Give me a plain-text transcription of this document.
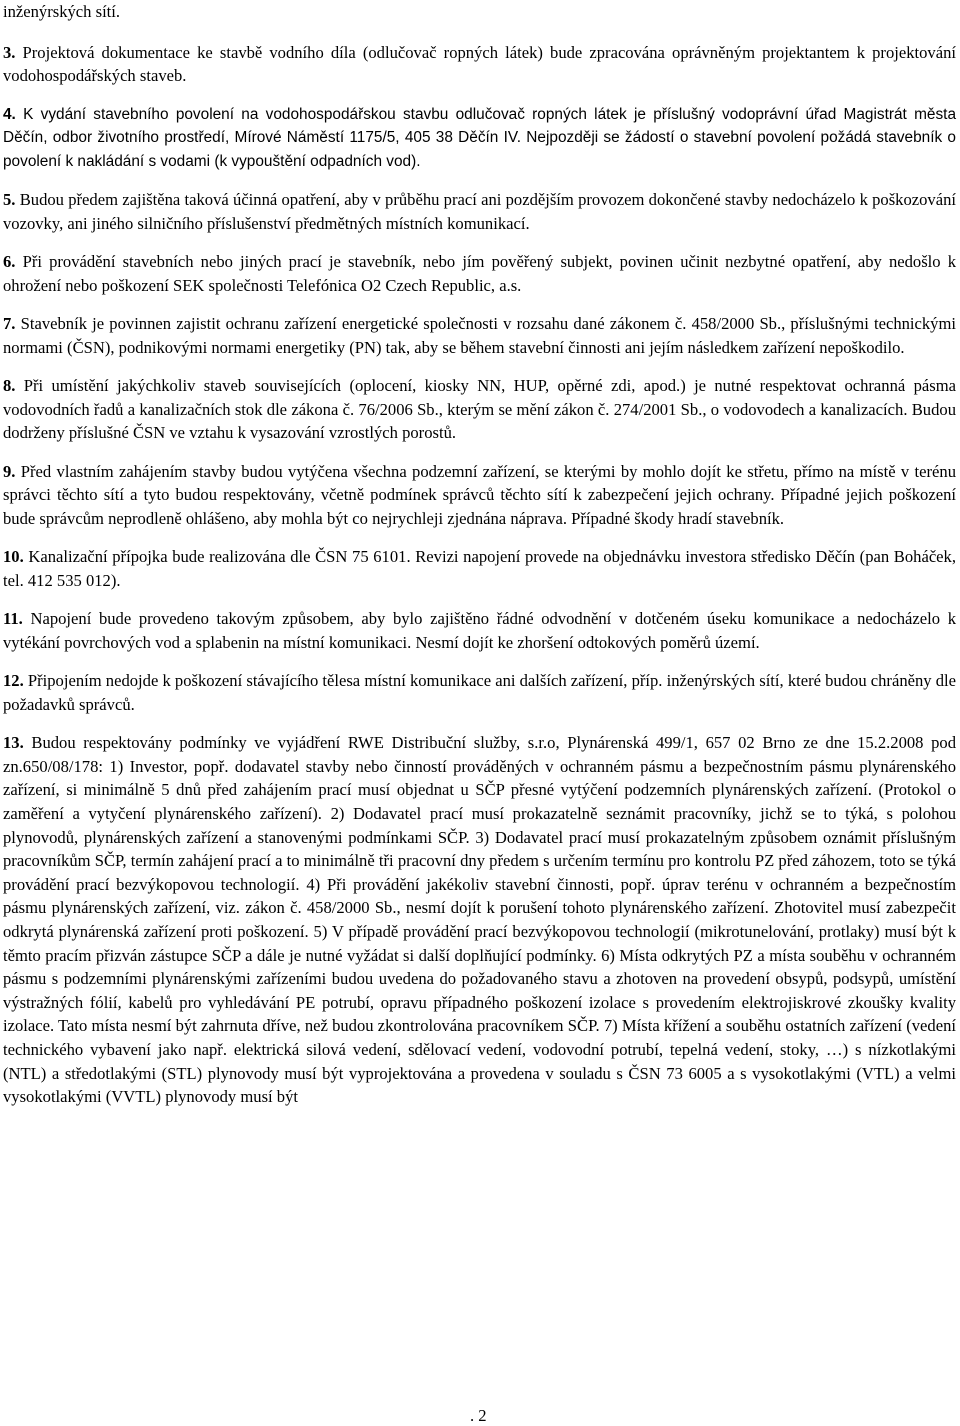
inženýrských sítí.

3. Projektová dokumentace ke stavbě vodního díla (odlučovač ropných látek) bude zpracována oprávněným projektantem k projektování vodohospodářských staveb.

4. K vydání stavebního povolení na vodohospodářskou stavbu odlučovač ropných látek je příslušný vodoprávní úřad Magistrát města Děčín, odbor životního prostředí, Mírové Náměstí 1175/5, 405 38 Děčín IV. Nejpozději se žádostí o stavební povolení požádá stavebník o povolení k nakládání s vodami (k vypouštění odpadních vod).

5. Budou předem zajištěna taková účinná opatření, aby v průběhu prací ani pozdějším provozem dokončené stavby nedocházelo k poškozování vozovky, ani jiného silničního příslušenství předmětných místních komunikací.

6. Při provádění stavebních nebo jiných prací je stavebník, nebo jím pověřený subjekt, povinen učinit nezbytné opatření, aby nedošlo k ohrožení nebo poškození SEK společnosti Telefónica O2 Czech Republic, a.s.

7. Stavebník je povinnen zajistit ochranu zařízení energetické společnosti v rozsahu dané zákonem č. 458/2000 Sb., příslušnými technickými normami (ČSN), podnikovými normami energetiky (PN) tak, aby se během stavební činnosti ani jejím následkem zařízení nepoškodilo.

8. Při umístění jakýchkoliv staveb souvisejících (oplocení, kiosky NN, HUP, opěrné zdi, apod.) je nutné respektovat ochranná pásma vodovodních řadů a kanalizačních stok dle zákona č. 76/2006 Sb., kterým se mění zákon č. 274/2001 Sb., o vodovodech a kanalizacích. Budou dodrženy příslušné ČSN ve vztahu k vysazování vzrostlých porostů.

9. Před vlastním zahájením stavby budou vytýčena všechna podzemní zařízení, se kterými by mohlo dojít ke střetu, přímo na místě v terénu správci těchto sítí a tyto budou respektovány, včetně podmínek správců těchto sítí k zabezpečení jejich ochrany. Případné jejich poškození bude správcům neprodleně ohlášeno, aby mohla být co nejrychleji zjednána náprava. Případné škody hradí stavebník.

10. Kanalizační přípojka bude realizována dle ČSN 75 6101. Revizi napojení provede na objednávku investora středisko Děčín (pan Boháček, tel. 412 535 012).

11. Napojení bude provedeno takovým způsobem, aby bylo zajištěno řádné odvodnění v dotčeném úseku komunikace a nedocházelo k vytékání povrchových vod a splabenin na místní komunikaci. Nesmí dojít ke zhoršení odtokových poměrů území.

12. Připojením nedojde k poškození stávajícího tělesa místní komunikace ani dalších zařízení, příp. inženýrských sítí, které budou chráněny dle požadavků správců.

13. Budou respektovány podmínky ve vyjádření RWE Distribuční služby, s.r.o, Plynárenská 499/1, 657 02 Brno ze dne 15.2.2008 pod zn.650/08/178: 1) Investor, popř. dodavatel stavby nebo činností prováděných v ochranném pásmu a bezpečnostním pásmu plynárenského zařízení, si minimálně 5 dnů před zahájením prací musí objednat u SČP přesné vytýčení podzemních plynárenských zařízení. (Protokol o zaměření a vytyčení plynárenského zařízení). 2) Dodavatel prací musí prokazatelně seznámit pracovníky, jichž se to týká, s polohou plynovodů, plynárenských zařízení a stanovenými podmínkami SČP. 3) Dodavatel prací musí prokazatelným způsobem oznámit příslušným pracovníkům SČP, termín zahájení prací a to minimálně tři pracovní dny předem s určením termínu pro kontrolu PZ před záhozem, toto se týká provádění prací bezvýkopovou technologií. 4) Při provádění jakékoliv stavební činnosti, popř. úprav terénu v ochranném a bezpečnostím pásmu plynárenských zařízení, viz. zákon č. 458/2000 Sb., nesmí dojít k porušení tohoto plynárenského zařízení. Zhotovitel musí zabezpečit odkrytá plynárenská zařízení proti poškození. 5) V případě provádění prací bezvýkopovou technologií (mikrotunelování, protlaky) musí být k těmto pracím přizván zástupce SČP a dále je nutné vyžádat si další doplňující podmínky. 6) Místa odkrytých PZ a místa souběhu v ochranném pásmu s podzemními plynárenskými zařízeními budou uvedena do požadovaného stavu a zhotoven na provedení obsypů, podsypů, umístění výstražných fólií, kabelů pro vyhledávání PE potrubí, opravu případného poškození izolace s provedením elektrojiskrové zkoušky kvality izolace. Tato místa nesmí být zahrnuta dříve, než budou zkontrolována pracovníkem SČP. 7) Místa křížení a souběhu ostatních zařízení (vedení technického vybavení jako např. elektrická silová vedení, sdělovací vedení, vodovodní potrubí, tepelná vedení, stoky, …) s nízkotlakými (NTL) a středotlakými (STL) plynovody musí být vyprojektována a provedena v souladu s ČSN 73 6005 a s vysokotlakými (VTL) a velmi vysokotlakými (VVTL) plynovody musí být

. 2
